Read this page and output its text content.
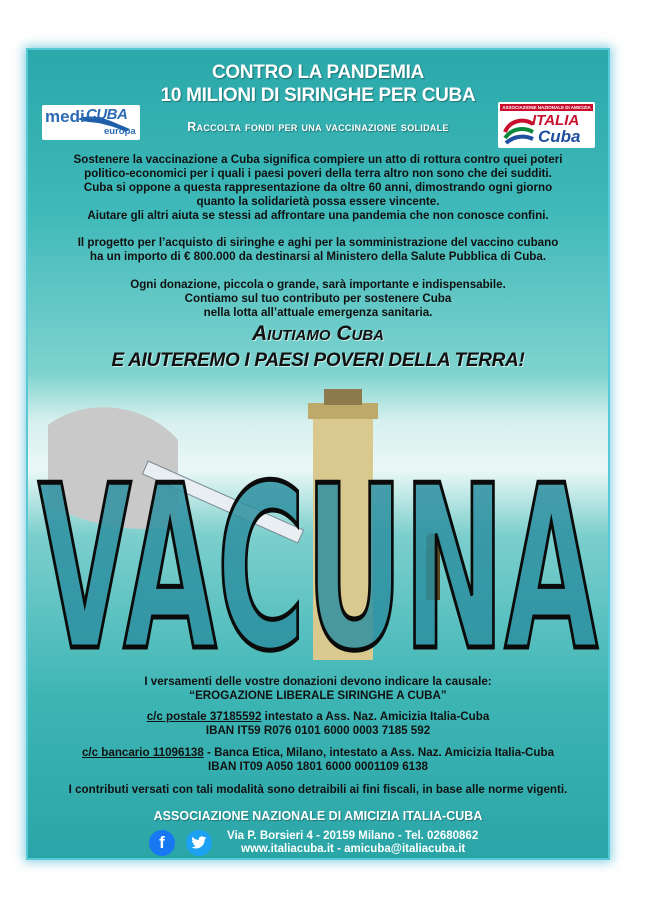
CONTRO LA PANDEMIA
10 MILIONI DI SIRINGHE PER CUBA
Raccolta fondi per una vaccinazione solidale
medi CUBA
europa
ASSOCIAZIONE NAZIONALE DI AMICIZIA
ITALIA
Cuba
Sostenere la vaccinazione a Cuba significa compiere un atto di rottura contro quei poteri
politico-economici per i quali i paesi poveri della terra altro non sono che dei sudditi.
Cuba si oppone a questa rappresentazione da oltre 60 anni, dimostrando ogni giorno
quanto la solidarietà possa essere vincente.
Aiutare gli altri aiuta se stessi ad affrontare una pandemia che non conosce confini.
Il progetto per l’acquisto di siringhe e aghi per la somministrazione del vaccino cubano
ha un importo di € 800.000 da destinarsi al Ministero della Salute Pubblica di Cuba.
Ogni donazione, piccola o grande, sarà importante e indispensabile.
Contiamo sul tuo contributo per sostenere Cuba
nella lotta all’attuale emergenza sanitaria.
Aiutiamo Cuba
E AIUTEREMO I PAESI POVERI DELLA TERRA!
VACUNA
I versamenti delle vostre donazioni devono indicare la causale:
“EROGAZIONE LIBERALE SIRINGHE A CUBA”
c/c postale 37185592 intestato a Ass. Naz. Amicizia Italia-Cuba
IBAN IT59 R076 0101 6000 0003 7185 592
c/c bancario 11096138 - Banca Etica, Milano, intestato a Ass. Naz. Amicizia Italia-Cuba
IBAN IT09 A050 1801 6000 0001109 6138
I contributi versati con tali modalità sono detraibili ai fini fiscali, in base alle norme vigenti.
ASSOCIAZIONE NAZIONALE DI AMICIZIA ITALIA-CUBA
f	Via P. Borsieri 4 - 20159 Milano - Tel. 02680862
www.italiacuba.it - amicuba@italiacuba.it
